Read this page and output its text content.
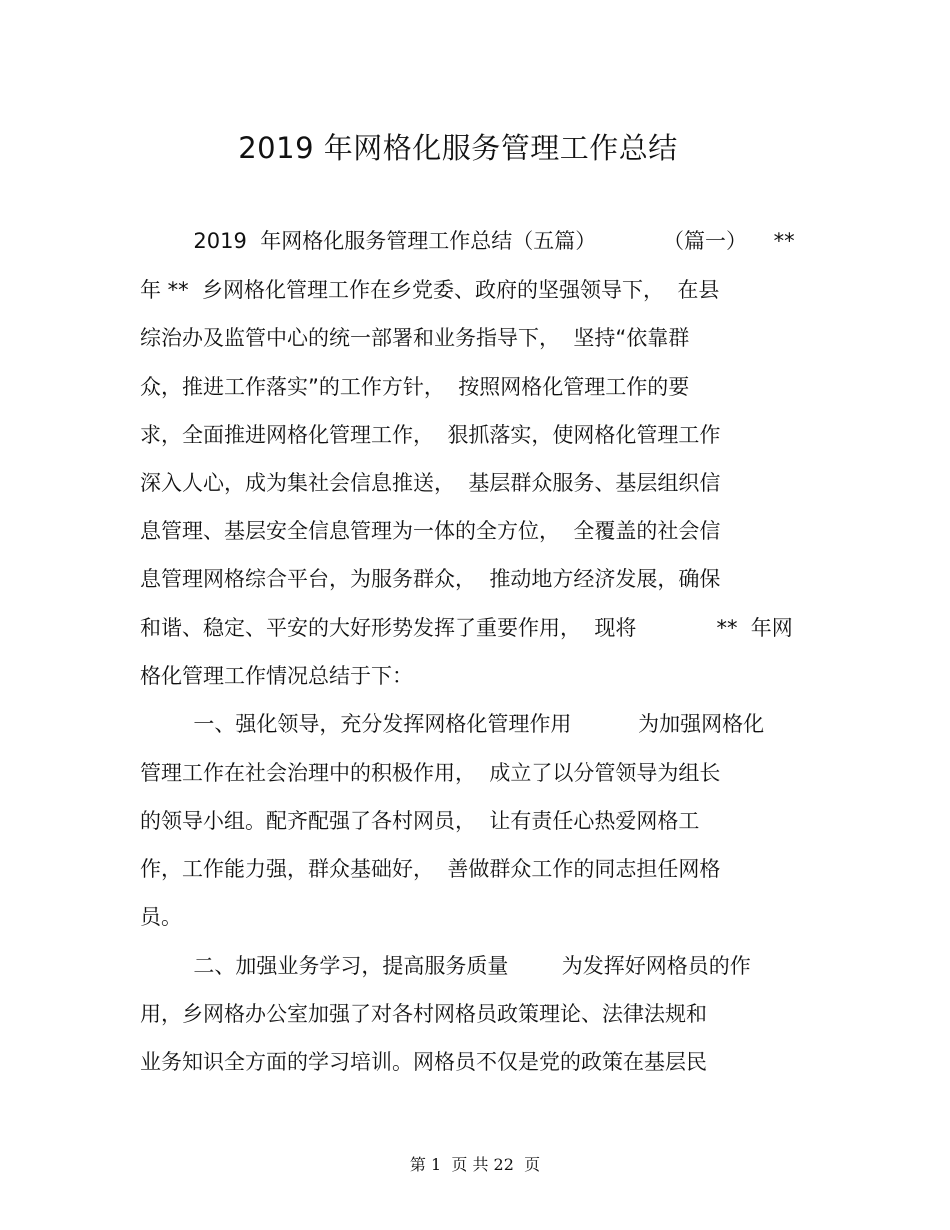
2019 年网格化服务管理工作总结
2019  年网格化服务管理工作总结（五篇）          （篇一）    **
年 **  乡网格化管理工作在乡党委、政府的坚强领导下，  在县
综治办及监管中心的统一部署和业务指导下，  坚持“依靠群
众，推进工作落实”的工作方针，  按照网格化管理工作的要
求，全面推进网格化管理工作，  狠抓落实，使网格化管理工作
深入人心，成为集社会信息推送，  基层群众服务、基层组织信
息管理、基层安全信息管理为一体的全方位，  全覆盖的社会信
息管理网格综合平台，为服务群众，  推动地方经济发展，确保
和谐、稳定、平安的大好形势发挥了重要作用，  现将            **  年网
格化管理工作情况总结于下：
一、强化领导，充分发挥网格化管理作用          为加强网格化
管理工作在社会治理中的积极作用，  成立了以分管领导为组长
的领导小组。配齐配强了各村网员，  让有责任心热爱网格工
作，工作能力强，群众基础好，  善做群众工作的同志担任网格
员。
二、加强业务学习，提高服务质量        为发挥好网格员的作
用，乡网格办公室加强了对各村网格员政策理论、法律法规和
业务知识全方面的学习培训。网格员不仅是党的政策在基层民
第 1  页 共 22  页
